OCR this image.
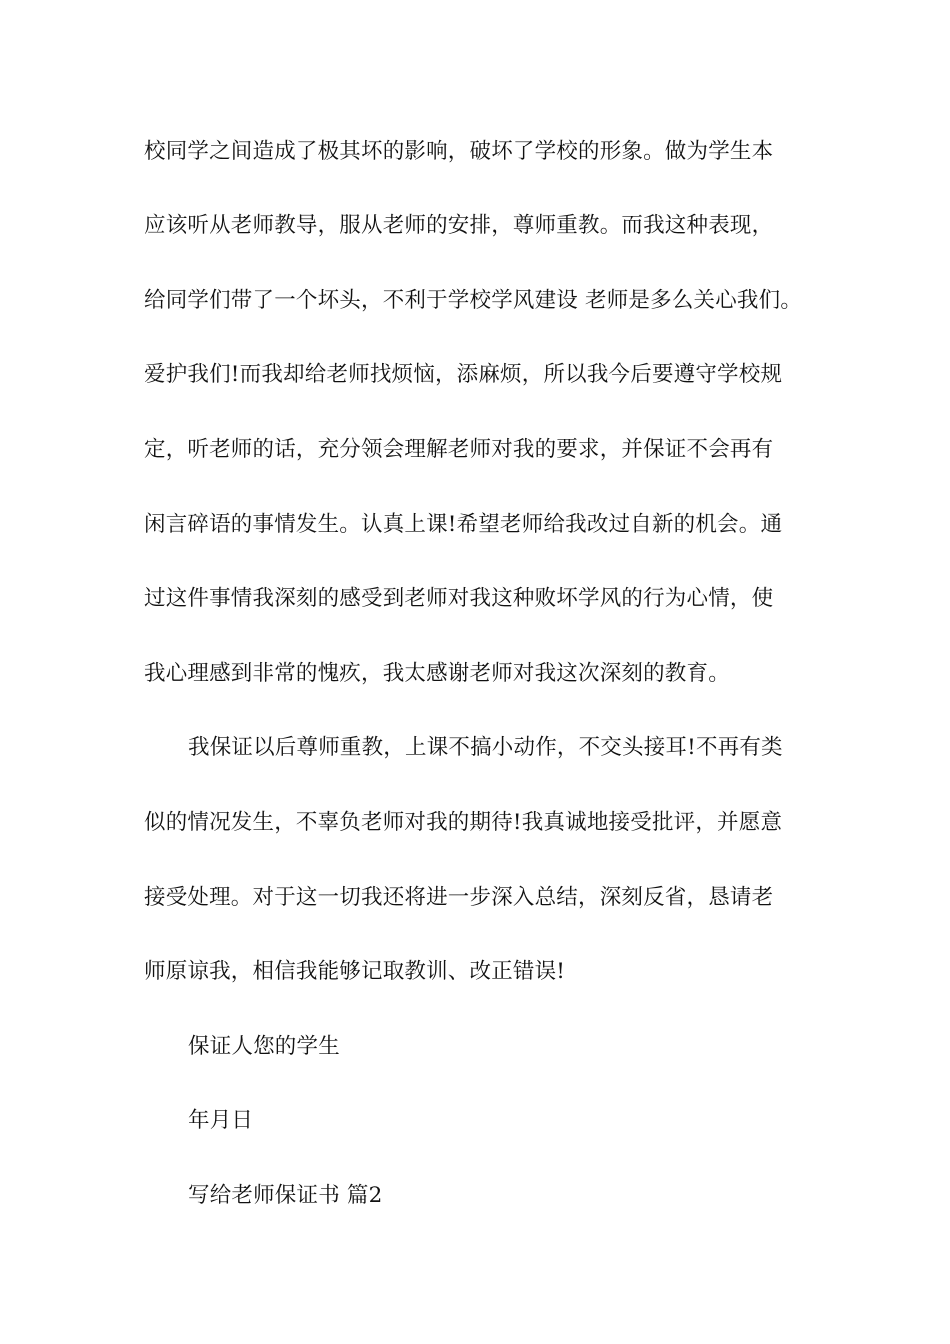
校同学之间造成了极其坏的影响，破坏了学校的形象。做为学生本
应该听从老师教导，服从老师的安排，尊师重教。而我这种表现，
给同学们带了一个坏头，不利于学校学风建设 老师是多么关心我们。
爱护我们!而我却给老师找烦恼，添麻烦，所以我今后要遵守学校规
定，听老师的话，充分领会理解老师对我的要求，并保证不会再有
闲言碎语的事情发生。认真上课!希望老师给我改过自新的机会。通
过这件事情我深刻的感受到老师对我这种败坏学风的行为心情，使
我心理感到非常的愧疚，我太感谢老师对我这次深刻的教育。
我保证以后尊师重教，上课不搞小动作，不交头接耳!不再有类
似的情况发生，不辜负老师对我的期待!我真诚地接受批评，并愿意
接受处理。对于这一切我还将进一步深入总结，深刻反省，恳请老
师原谅我，相信我能够记取教训、改正错误!
保证人您的学生
年月日
写给老师保证书 篇2
